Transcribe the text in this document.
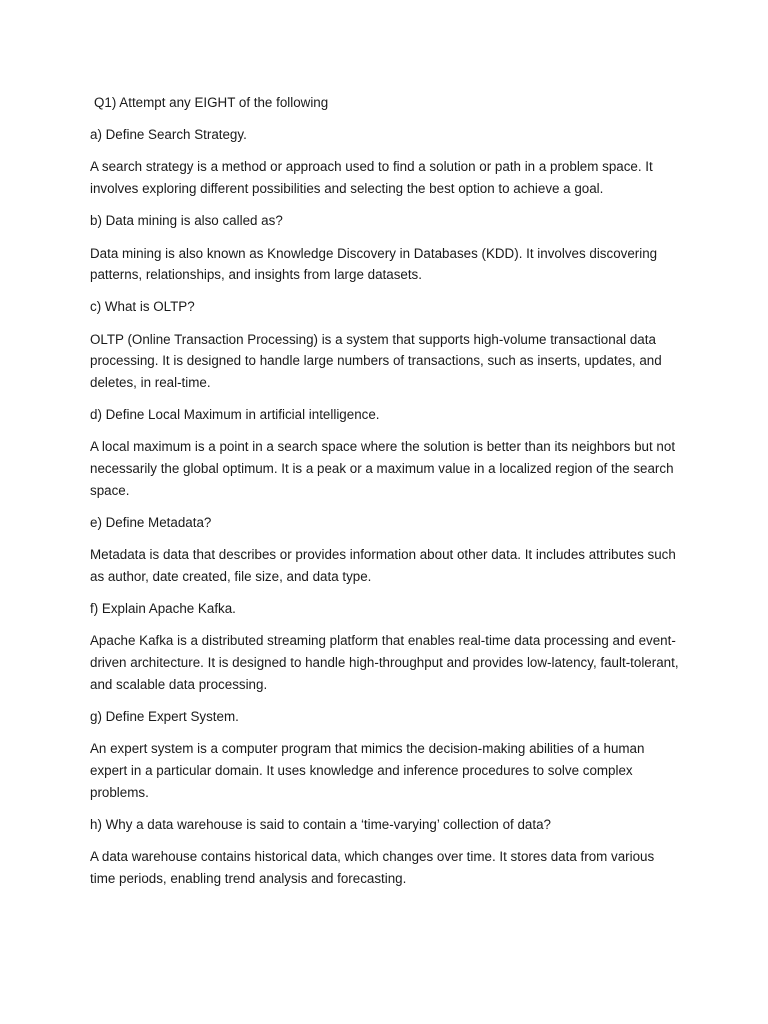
Q1) Attempt any EIGHT of the following

a) Define Search Strategy.

A search strategy is a method or approach used to find a solution or path in a problem space. It involves exploring different possibilities and selecting the best option to achieve a goal.

b) Data mining is also called as?

Data mining is also known as Knowledge Discovery in Databases (KDD). It involves discovering patterns, relationships, and insights from large datasets.

c) What is OLTP?

OLTP (Online Transaction Processing) is a system that supports high-volume transactional data processing. It is designed to handle large numbers of transactions, such as inserts, updates, and deletes, in real-time.

d) Define Local Maximum in artificial intelligence.

A local maximum is a point in a search space where the solution is better than its neighbors but not necessarily the global optimum. It is a peak or a maximum value in a localized region of the search space.

e) Define Metadata?

Metadata is data that describes or provides information about other data. It includes attributes such as author, date created, file size, and data type.

f) Explain Apache Kafka.

Apache Kafka is a distributed streaming platform that enables real-time data processing and event-driven architecture. It is designed to handle high-throughput and provides low-latency, fault-tolerant, and scalable data processing.

g) Define Expert System.

An expert system is a computer program that mimics the decision-making abilities of a human expert in a particular domain. It uses knowledge and inference procedures to solve complex problems.

h) Why a data warehouse is said to contain a ‘time-varying’ collection of data?

A data warehouse contains historical data, which changes over time. It stores data from various time periods, enabling trend analysis and forecasting.
